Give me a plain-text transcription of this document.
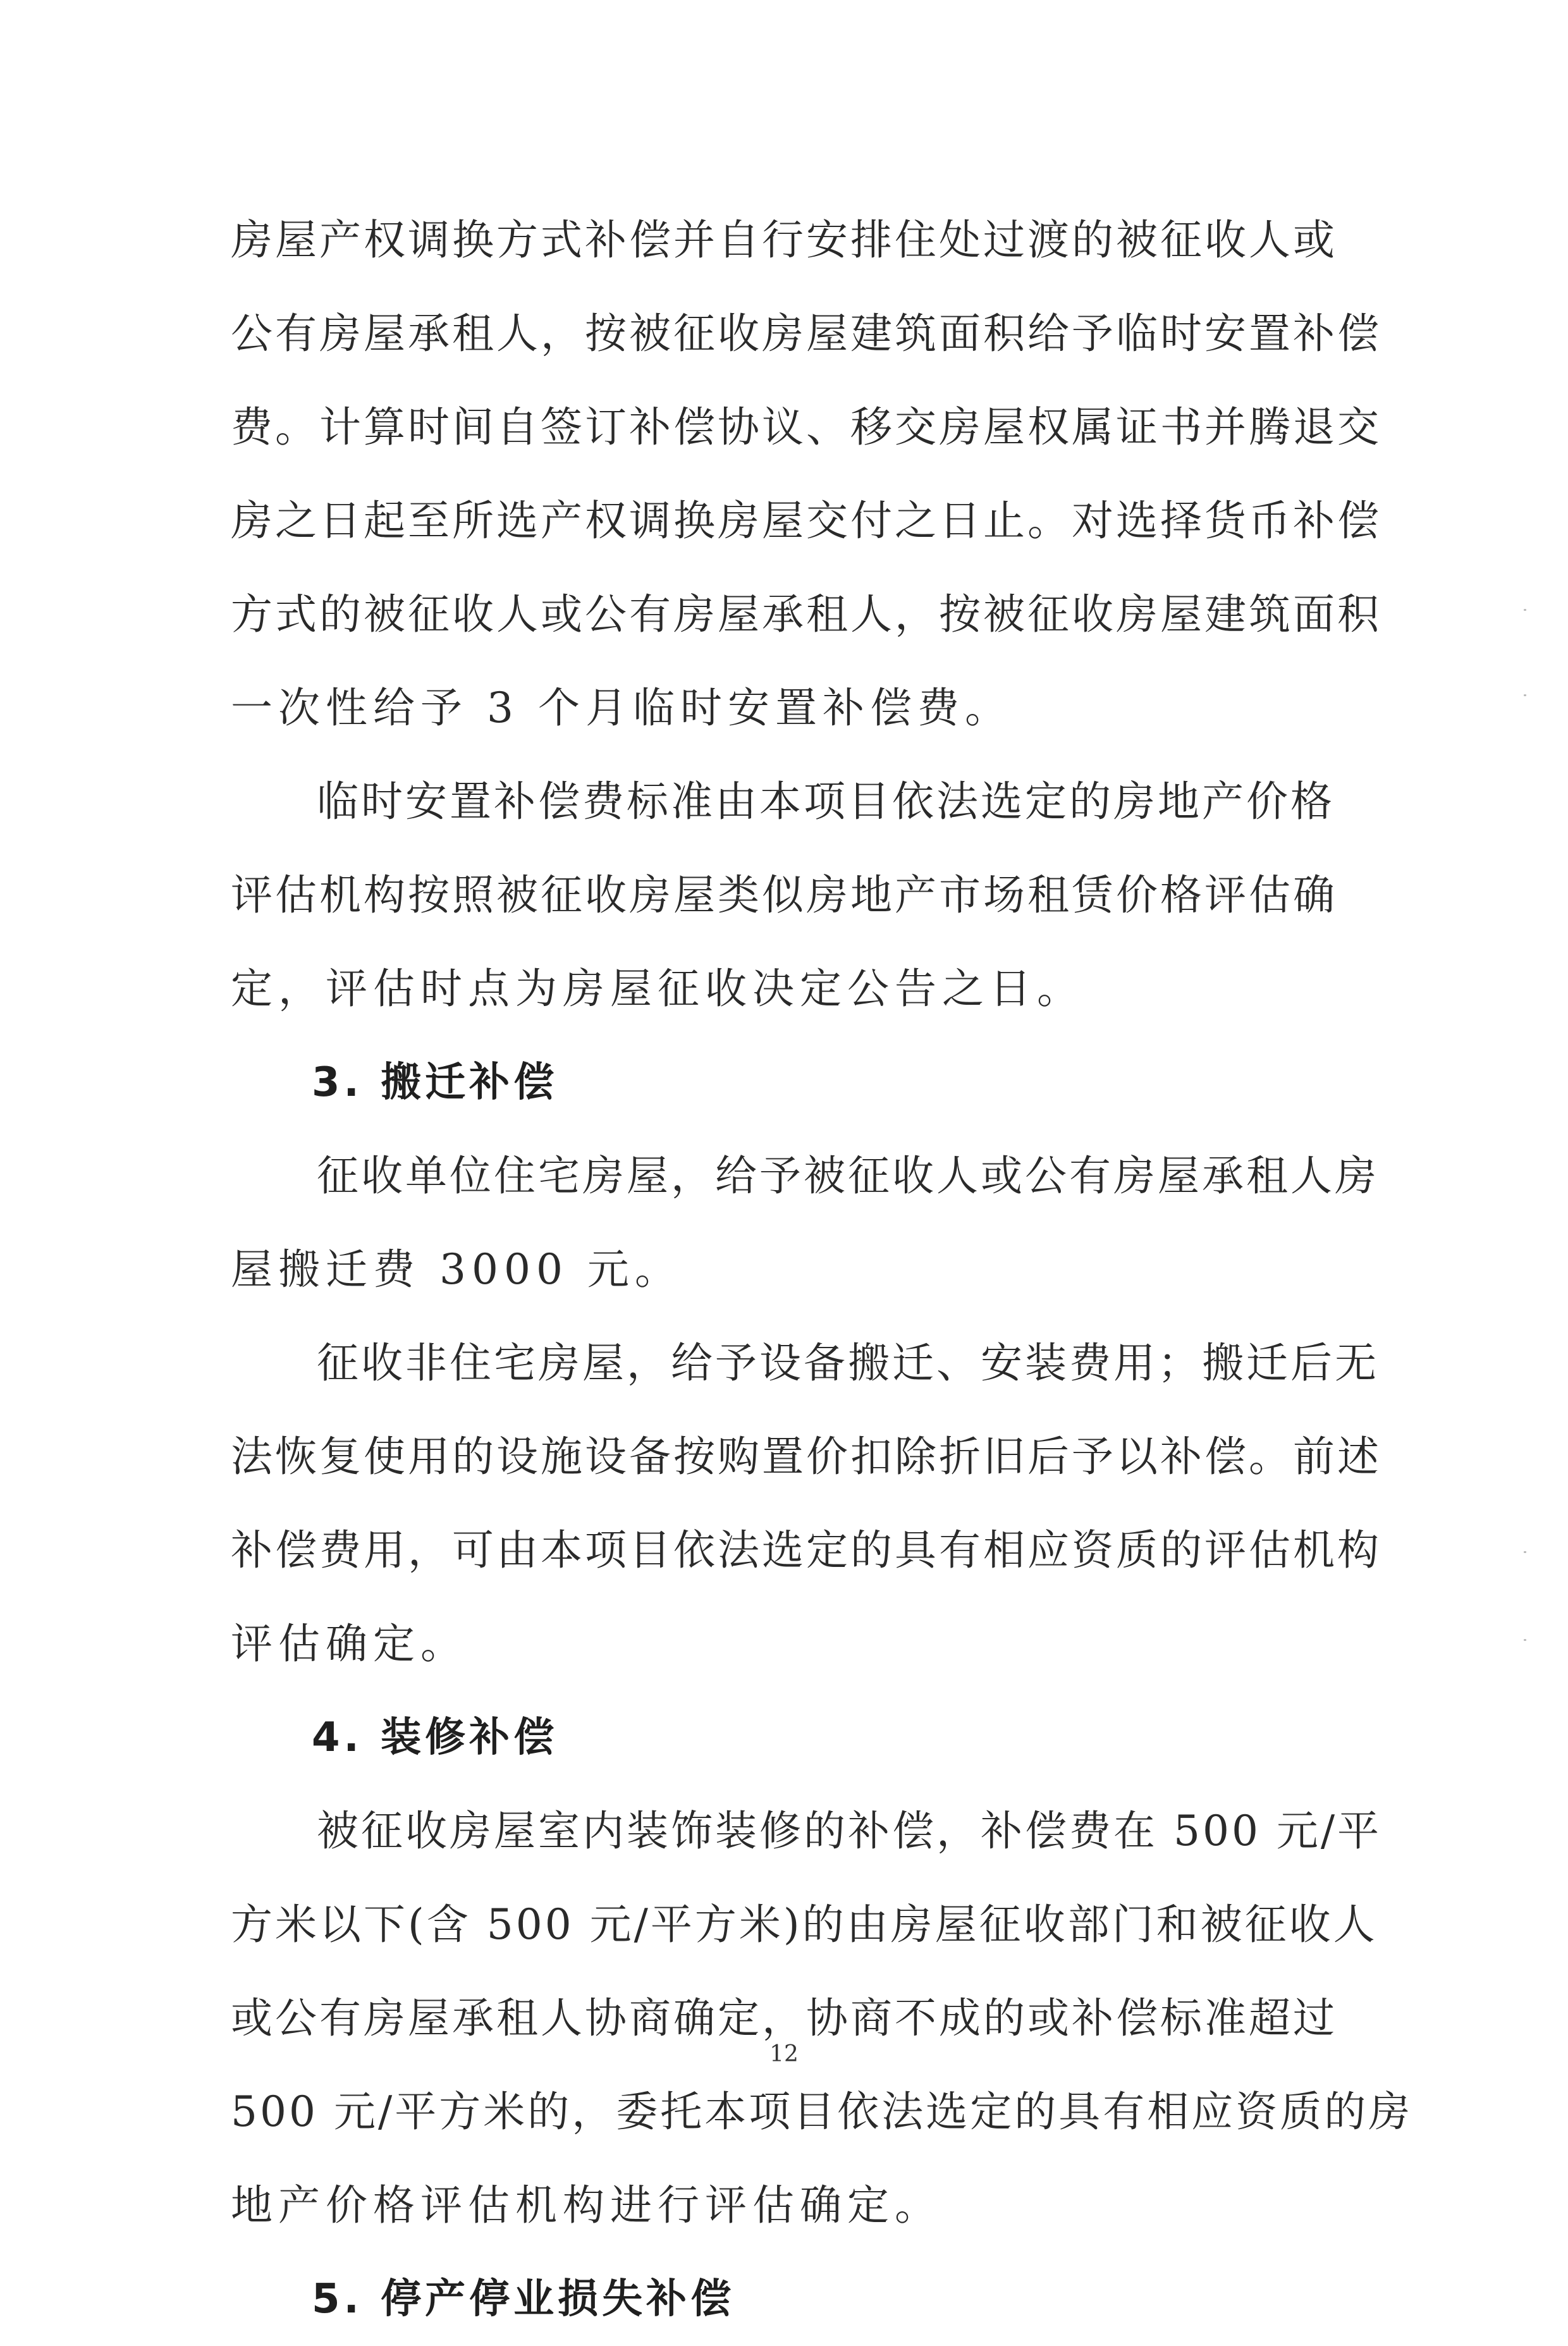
房屋产权调换方式补偿并自行安排住处过渡的被征收人或
公有房屋承租人，按被征收房屋建筑面积给予临时安置补偿
费。计算时间自签订补偿协议、移交房屋权属证书并腾退交
房之日起至所选产权调换房屋交付之日止。对选择货币补偿
方式的被征收人或公有房屋承租人，按被征收房屋建筑面积
一次性给予 3 个月临时安置补偿费。
临时安置补偿费标准由本项目依法选定的房地产价格
评估机构按照被征收房屋类似房地产市场租赁价格评估确
定，评估时点为房屋征收决定公告之日。
3. 搬迁补偿
征收单位住宅房屋，给予被征收人或公有房屋承租人房
屋搬迁费 3000 元。
征收非住宅房屋，给予设备搬迁、安装费用；搬迁后无
法恢复使用的设施设备按购置价扣除折旧后予以补偿。前述
补偿费用，可由本项目依法选定的具有相应资质的评估机构
评估确定。
4. 装修补偿
被征收房屋室内装饰装修的补偿，补偿费在 500 元/平
方米以下(含 500 元/平方米)的由房屋征收部门和被征收人
或公有房屋承租人协商确定，协商不成的或补偿标准超过
500 元/平方米的，委托本项目依法选定的具有相应资质的房
地产价格评估机构进行评估确定。
5. 停产停业损失补偿
12
